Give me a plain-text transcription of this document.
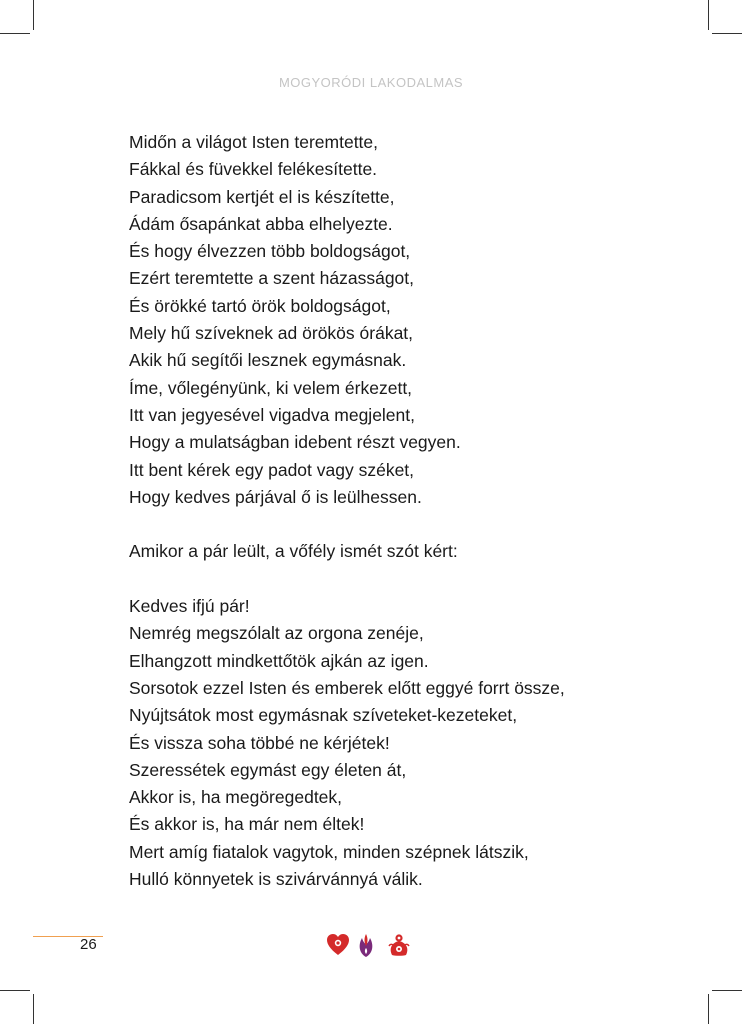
MOGYORÓDI LAKODALMAS
Midőn a világot Isten teremtette,
Fákkal és füvekkel felékesítette.
Paradicsom kertjét el is készítette,
Ádám ősapánkat abba elhelyezte.
És hogy élvezzen több boldogságot,
Ezért teremtette a szent házasságot,
És örökké tartó örök boldogságot,
Mely hű szíveknek ad örökös órákat,
Akik hű segítői lesznek egymásnak.
Íme, vőlegényünk, ki velem érkezett,
Itt van jegyesével vigadva megjelent,
Hogy a mulatságban idebent részt vegyen.
Itt bent kérek egy padot vagy széket,
Hogy kedves párjával ő is leülhessen.
Amikor a pár leült, a vőfély ismét szót kért:
Kedves ifjú pár!
Nemrég megszólalt az orgona zenéje,
Elhangzott mindkettőtök ajkán az igen.
Sorsotok ezzel Isten és emberek előtt eggyé forrt össze,
Nyújtsátok most egymásnak szíveteket-kezeteket,
És vissza soha többé ne kérjétek!
Szeressétek egymást egy életen át,
Akkor is, ha megöregedtek,
És akkor is, ha már nem éltek!
Mert amíg fiatalok vagytok, minden szépnek látszik,
Hulló könnyetek is szivárvánnyá válik.
26
